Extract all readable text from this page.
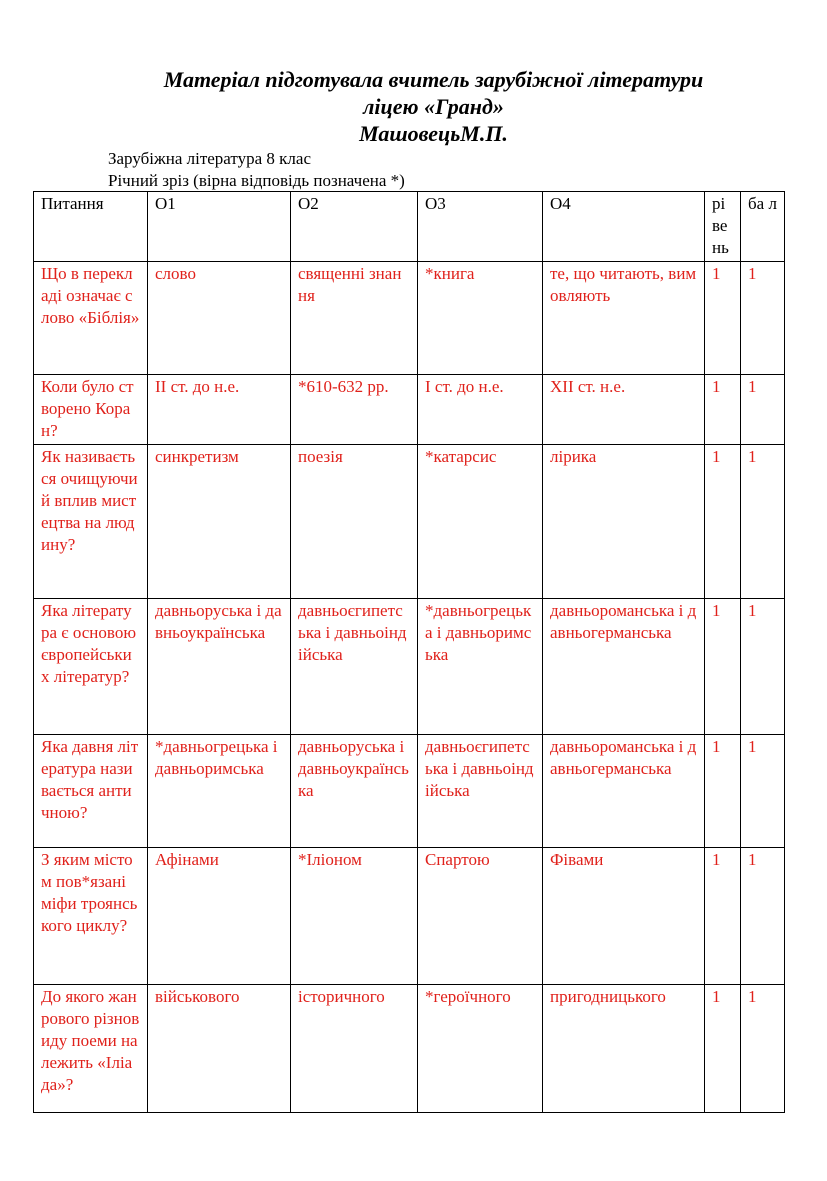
Матеріал підготувала вчитель зарубіжної літератури
ліцею «Гранд»
МашовецьМ.П.
Зарубіжна література 8 клас
Річний зріз (вірна відповідь позначена *)
Питання	О1	О2	О3	О4	рі ве нь	ба л
Що в перекладі означає слово «Біблія»	слово	священні знання	*книга	те, що читають, вимовляють	1	1
Коли було створено Коран?	ІІ ст. до н.е.	*610-632 рр.	І ст. до н.е.	ХІІ ст. н.е.	1	1
Як називається очищуючий вплив мистецтва на людину?	синкретизм	поезія	*катарсис	лірика	1	1
Яка література є основою європейських літератур?	давньоруська і давньоукраїнська	давньоєгипетська і давньоіндійська	*давньогрецька і давньоримська	давньороманська і давньогерманська	1	1
Яка давня література називається античною?	*давньогрецька і давньоримська	давньоруська і давньоукраїнська	давньоєгипетська і давньоіндійська	давньороманська і давньогерманська	1	1
З яким містом пов*язані міфи троянського циклу?	Афінами	*Іліоном	Спартою	Фівами	1	1
До якого жанрового різновиду поеми належить «Іліада»?	військового	історичного	*героїчного	пригодницького	1	1
